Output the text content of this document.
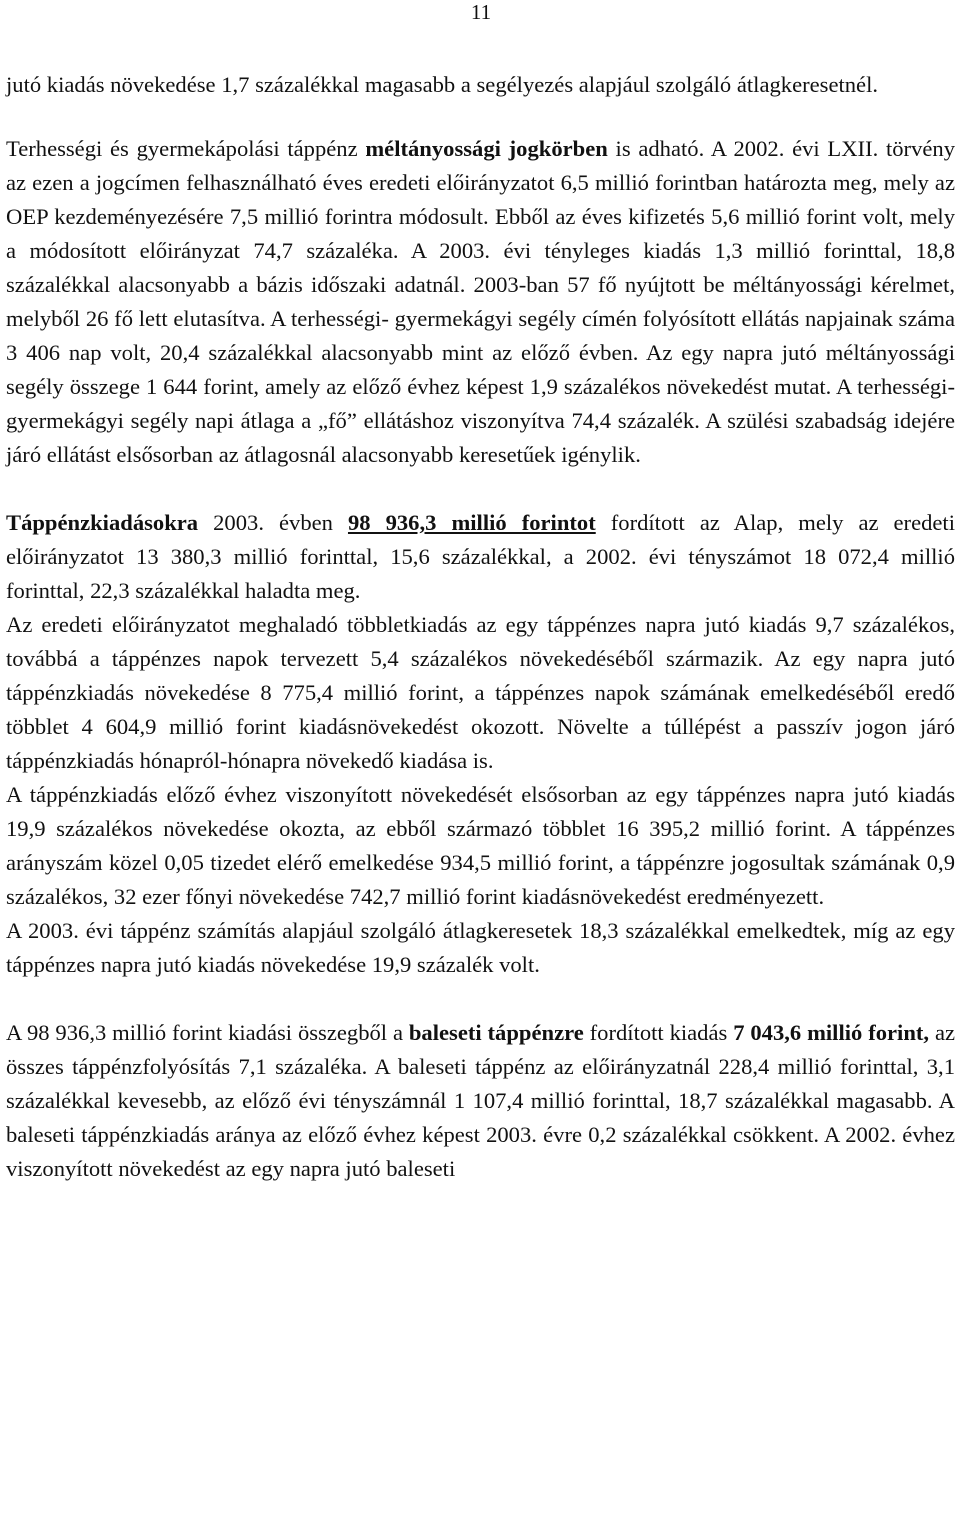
11

jutó kiadás növekedése 1,7 százalékkal magasabb a segélyezés alapjául szolgáló átlagkeresetnél.

Terhességi és gyermekápolási táppénz méltányossági jogkörben is adható. A 2002. évi LXII. törvény az ezen a jogcímen felhasználható éves eredeti előirányzatot 6,5 millió forintban határozta meg, mely az OEP kezdeményezésére 7,5 millió forintra módosult. Ebből az éves kifizetés 5,6 millió forint volt, mely a módosított előirányzat 74,7 százaléka. A 2003. évi tényleges kiadás 1,3 millió forinttal, 18,8 százalékkal alacsonyabb a bázis időszaki adatnál. 2003-ban 57 fő nyújtott be méltányossági kérelmet, melyből 26 fő lett elutasítva. A terhességi- gyermekágyi segély címén folyósított ellátás napjainak száma 3 406 nap volt, 20,4 százalékkal alacsonyabb mint az előző évben. Az egy napra jutó méltányossági segély összege 1 644 forint, amely az előző évhez képest 1,9 százalékos növekedést mutat. A terhességi- gyermekágyi segély napi átlaga a „fő” ellátáshoz viszonyítva 74,4 százalék. A szülési szabadság idejére járó ellátást elsősorban az átlagosnál alacsonyabb keresetűek igénylik.

Táppénzkiadásokra 2003. évben 98 936,3 millió forintot fordított az Alap, mely az eredeti előirányzatot 13 380,3 millió forinttal, 15,6 százalékkal, a 2002. évi tényszámot 18 072,4 millió forinttal, 22,3 százalékkal haladta meg.

Az eredeti előirányzatot meghaladó többletkiadás az egy táppénzes napra jutó kiadás 9,7 százalékos, továbbá a táppénzes napok tervezett 5,4 százalékos növekedéséből származik. Az egy napra jutó táppénzkiadás növekedése 8 775,4 millió forint, a táppénzes napok számának emelkedéséből eredő többlet 4 604,9 millió forint kiadásnövekedést okozott. Növelte a túllépést a passzív jogon járó táppénzkiadás hónapról-hónapra növekedő kiadása is.

A táppénzkiadás előző évhez viszonyított növekedését elsősorban az egy táppénzes napra jutó kiadás 19,9 százalékos növekedése okozta, az ebből származó többlet 16 395,2 millió forint. A táppénzes arányszám közel 0,05 tizedet elérő emelkedése 934,5 millió forint, a táppénzre jogosultak számának 0,9 százalékos, 32 ezer főnyi növekedése 742,7 millió forint kiadásnövekedést eredményezett.

A 2003. évi táppénz számítás alapjául szolgáló átlagkeresetek 18,3 százalékkal emelkedtek, míg az egy táppénzes napra jutó kiadás növekedése 19,9 százalék volt.

A 98 936,3 millió forint kiadási összegből a baleseti táppénzre fordított kiadás 7 043,6 millió forint, az összes táppénzfolyósítás 7,1 százaléka. A baleseti táppénz az előirányzatnál 228,4 millió forinttal, 3,1 százalékkal kevesebb, az előző évi tényszámnál 1 107,4 millió forinttal, 18,7 százalékkal magasabb. A baleseti táppénzkiadás aránya az előző évhez képest 2003. évre 0,2 százalékkal csökkent. A 2002. évhez viszonyított növekedést az egy napra jutó baleseti
